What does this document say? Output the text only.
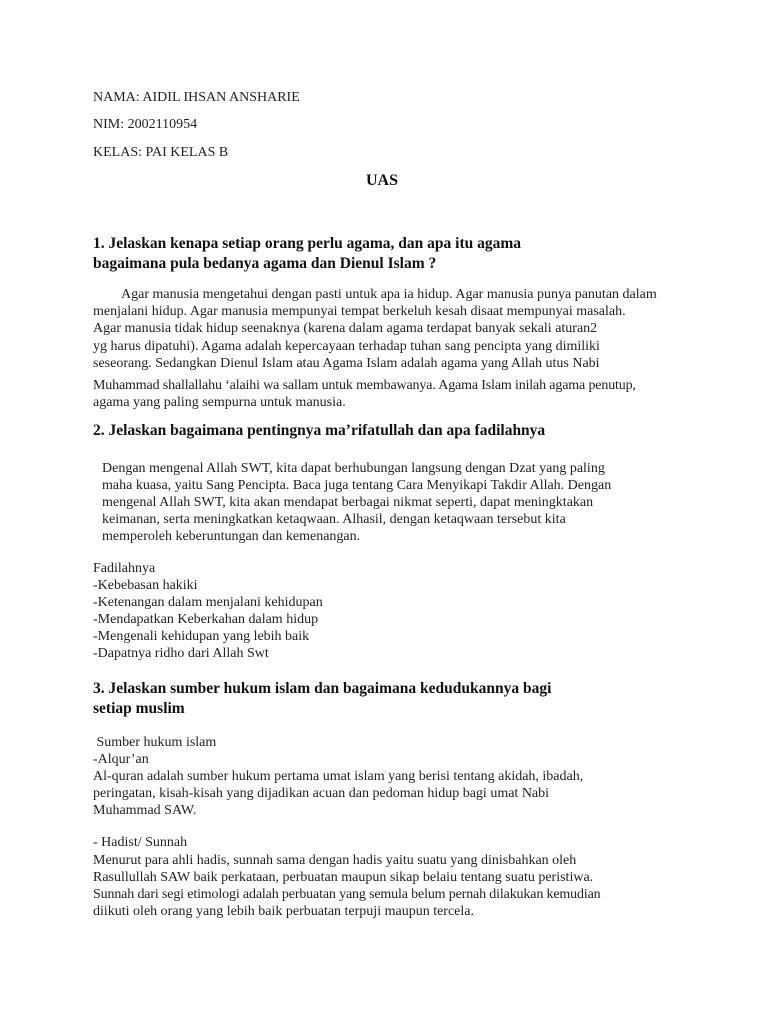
NAMA: AIDIL IHSAN ANSHARIE
NIM: 2002110954
KELAS: PAI KELAS B
UAS
1. Jelaskan kenapa setiap orang perlu agama, dan apa itu agama
bagaimana pula bedanya agama dan Dienul Islam ?
Agar manusia mengetahui dengan pasti untuk apa ia hidup. Agar manusia punya panutan dalam
menjalani hidup. Agar manusia mempunyai tempat berkeluh kesah disaat mempunyai masalah.
Agar manusia tidak hidup seenaknya (karena dalam agama terdapat banyak sekali aturan2
yg harus dipatuhi). Agama adalah kepercayaan terhadap tuhan sang pencipta yang dimiliki
seseorang. Sedangkan Dienul Islam atau Agama Islam adalah agama yang Allah utus Nabi
Muhammad shallallahu ‘alaihi wa sallam untuk membawanya. Agama Islam inilah agama penutup,
agama yang paling sempurna untuk manusia.
2. Jelaskan bagaimana pentingnya ma’rifatullah dan apa fadilahnya
Dengan mengenal Allah SWT, kita dapat berhubungan langsung dengan Dzat yang paling
maha kuasa, yaitu Sang Pencipta. Baca juga tentang Cara Menyikapi Takdir Allah. Dengan
mengenal Allah SWT, kita akan mendapat berbagai nikmat seperti, dapat meningktakan
keimanan, serta meningkatkan ketaqwaan. Alhasil, dengan ketaqwaan tersebut kita
memperoleh keberuntungan dan kemenangan.
Fadilahnya
-Kebebasan hakiki
-Ketenangan dalam menjalani kehidupan
-Mendapatkan Keberkahan dalam hidup
-Mengenali kehidupan yang lebih baik
-Dapatnya ridho dari Allah Swt
3. Jelaskan sumber hukum islam dan bagaimana kedudukannya bagi
setiap muslim
Sumber hukum islam
-Alqur’an
Al-quran adalah sumber hukum pertama umat islam yang berisi tentang akidah, ibadah,
peringatan, kisah-kisah yang dijadikan acuan dan pedoman hidup bagi umat Nabi
Muhammad SAW.
- Hadist/ Sunnah
Menurut para ahli hadis, sunnah sama dengan hadis yaitu suatu yang dinisbahkan oleh
Rasullullah SAW baik perkataan, perbuatan maupun sikap belaiu tentang suatu peristiwa.
Sunnah dari segi etimologi adalah perbuatan yang semula belum pernah dilakukan kemudian
diikuti oleh orang yang lebih baik perbuatan terpuji maupun tercela.
